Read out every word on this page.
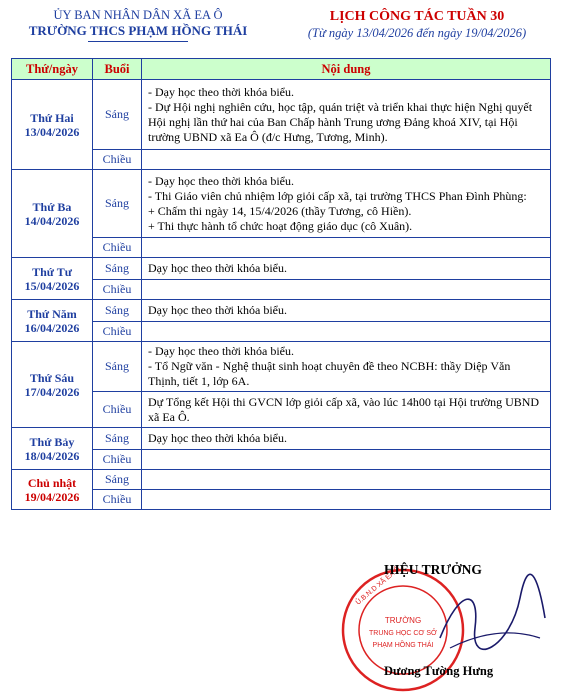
ỦY BAN NHÂN DÂN XÃ EA Ô
TRƯỜNG THCS PHẠM HỒNG THÁI
LỊCH CÔNG TÁC TUẦN 30
(Từ ngày 13/04/2026 đến ngày 19/04/2026)
Thứ/ngày	Buổi	Nội dung

Thứ Hai
13/04/2026	Sáng	- Dạy học theo thời khóa biểu.
- Dự Hội nghị nghiên cứu, học tập, quán triệt và triển khai thực hiện Nghị quyết Hội nghị lần thứ hai của Ban Chấp hành Trung ương Đảng khoá XIV, tại Hội trường UBND xã Ea Ô (đ/c Hưng, Tương, Minh).

	Chiều	

Thứ Ba
14/04/2026	Sáng	- Dạy học theo thời khóa biểu.
- Thi Giáo viên chủ nhiệm lớp giỏi cấp xã, tại trường THCS Phan Đình Phùng:
+ Chấm thi ngày 14, 15/4/2026 (thầy Tương, cô Hiền).
+ Thi thực hành tổ chức hoạt động giáo dục (cô Xuân).

	Chiều	

Thứ Tư
15/04/2026	Sáng	Dạy học theo thời khóa biểu.

	Chiều	

Thứ Năm
16/04/2026	Sáng	Dạy học theo thời khóa biểu.

	Chiều	

Thứ Sáu
17/04/2026	Sáng	- Dạy học theo thời khóa biểu.
- Tổ Ngữ văn - Nghệ thuật sinh hoạt chuyên đề theo NCBH: thầy Diệp Văn Thịnh, tiết 1, lớp 6A.

	Chiều	Dự Tổng kết Hội thi GVCN lớp giỏi cấp xã, vào lúc 14h00 tại Hội trường UBND xã Ea Ô.

Thứ Bảy
18/04/2026	Sáng	Dạy học theo thời khóa biểu.

	Chiều	

Chủ nhật
19/04/2026	Sáng	
	Chiều	
TRƯỜNG
TRUNG HỌC CƠ SỞ
PHẠM HỒNG THÁI
Ủ.B.N.D XÃ EA Ô
HIỆU TRƯỞNG
Dương Tường Hưng
